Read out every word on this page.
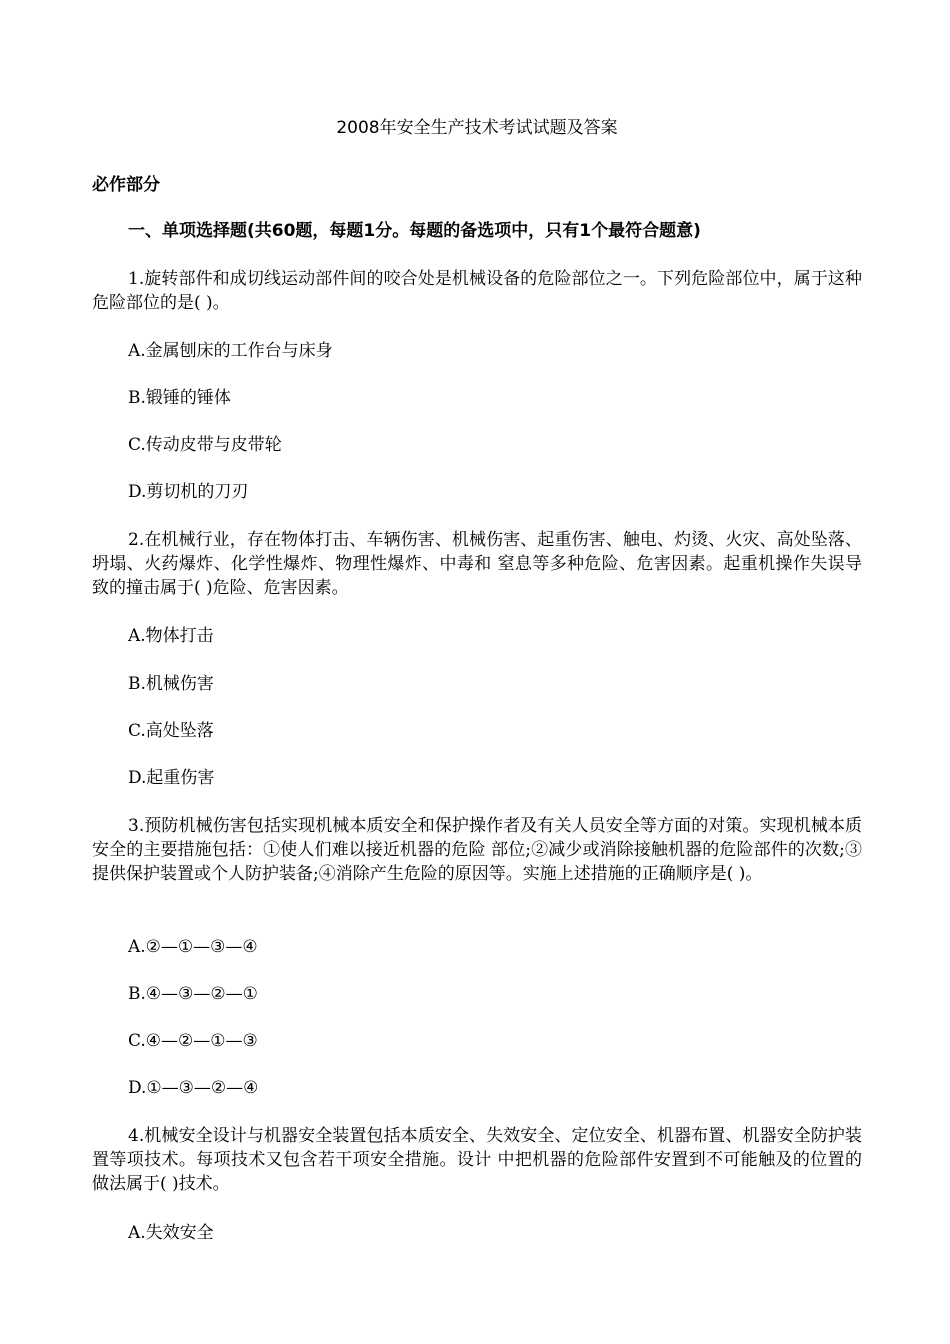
2008年安全生产技术考试试题及答案
必作部分
一、单项选择题(共60题，每题1分。每题的备选项中，只有1个最符合题意)
1.旋转部件和成切线运动部件间的咬合处是机械设备的危险部位之一。下列危险部位中，属于这种危险部位的是( )。
A.金属刨床的工作台与床身
B.锻锤的锤体
C.传动皮带与皮带轮
D.剪切机的刀刃
2.在机械行业，存在物体打击、车辆伤害、机械伤害、起重伤害、触电、灼烫、火灾、高处坠落、坍塌、火药爆炸、化学性爆炸、物理性爆炸、中毒和 窒息等多种危险、危害因素。起重机操作失误导致的撞击属于( )危险、危害因素。
A.物体打击
B.机械伤害
C.高处坠落
D.起重伤害
3.预防机械伤害包括实现机械本质安全和保护操作者及有关人员安全等方面的对策。实现机械本质安全的主要措施包括：①使人们难以接近机器的危险 部位;②减少或消除接触机器的危险部件的次数;③提供保护装置或个人防护装备;④消除产生危险的原因等。实施上述措施的正确顺序是( )。
A.②—①—③—④
B.④—③—②—①
C.④—②—①—③
D.①—③—②—④
4.机械安全设计与机器安全装置包括本质安全、失效安全、定位安全、机器布置、机器安全防护装置等项技术。每项技术又包含若干项安全措施。设计 中把机器的危险部件安置到不可能触及的位置的做法属于( )技术。
A.失效安全
